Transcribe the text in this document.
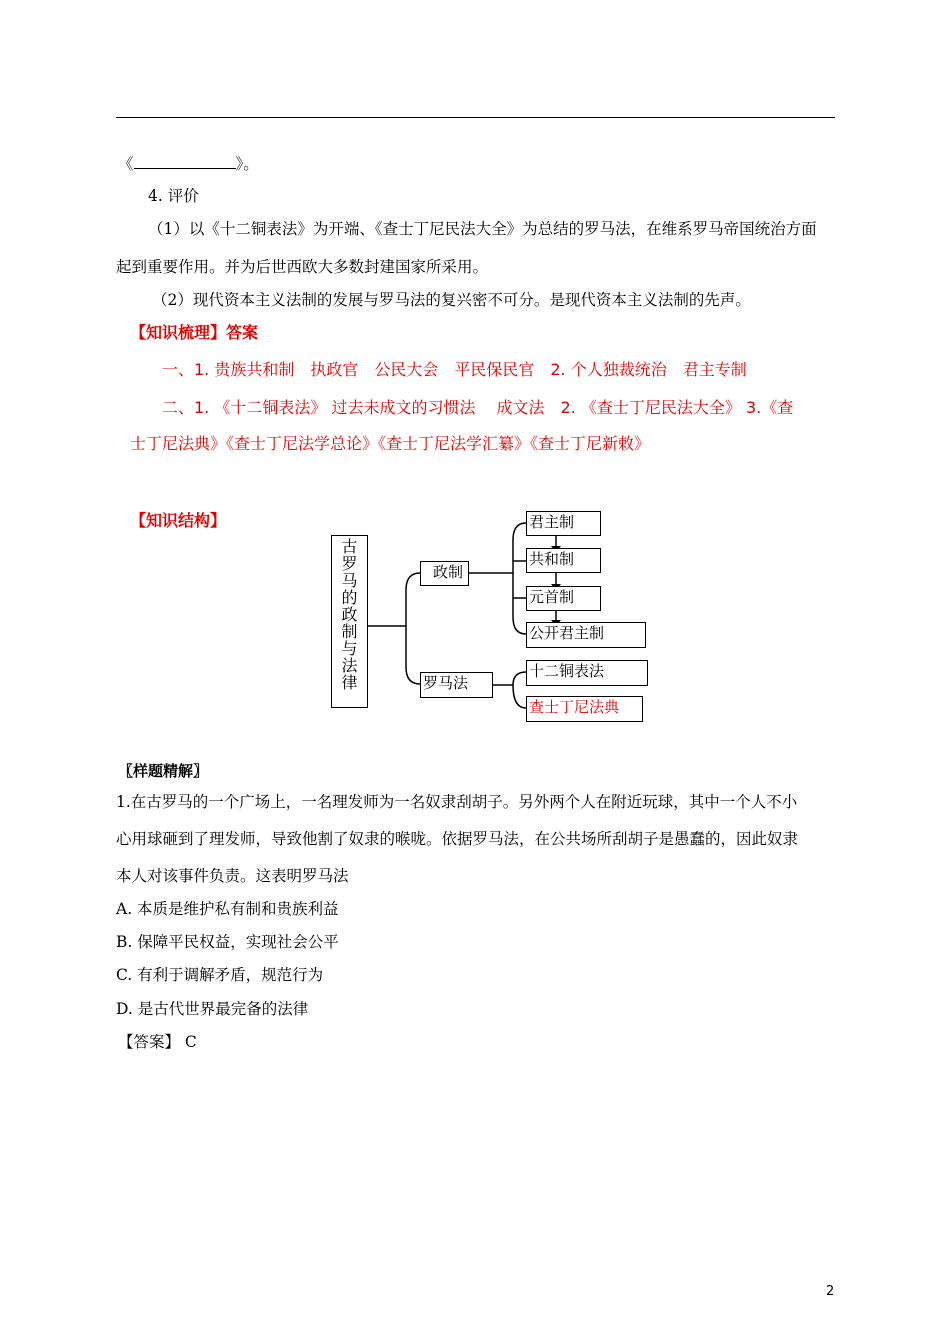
《	》。
4. 评价
（1）以《十二铜表法》为开端、《查士丁尼民法大全》为总结的罗马法，在维系罗马帝国统治方面
起到重要作用。并为后世西欧大多数封建国家所采用。
（2）现代资本主义法制的发展与罗马法的复兴密不可分。是现代资本主义法制的先声。
【知识梳理】答案
一、1. 贵族共和制　执政官　公民大会　平民保民官　2. 个人独裁统治　君主专制
二、1. 《十二铜表法》 过去未成文的习惯法　 成文法　2. 《查士丁尼民法大全》 3.《查
士丁尼法典》《查士丁尼法学总论》《查士丁尼法学汇纂》《查士丁尼新敕》
【知识结构】
古
罗
马
的
政
制
与
法
律
政制
罗马法
君主制
共和制
元首制
公开君主制
十二铜表法
查士丁尼法典
〖样题精解〗
1.在古罗马的一个广场上，一名理发师为一名奴隶刮胡子。另外两个人在附近玩球，其中一个人不小
心用球砸到了理发师，导致他割了奴隶的喉咙。依据罗马法，在公共场所刮胡子是愚蠢的，因此奴隶
本人对该事件负责。这表明罗马法
A. 本质是维护私有制和贵族利益
B. 保障平民权益，实现社会公平
C. 有利于调解矛盾，规范行为
D. 是古代世界最完备的法律
【答案】 C
2
